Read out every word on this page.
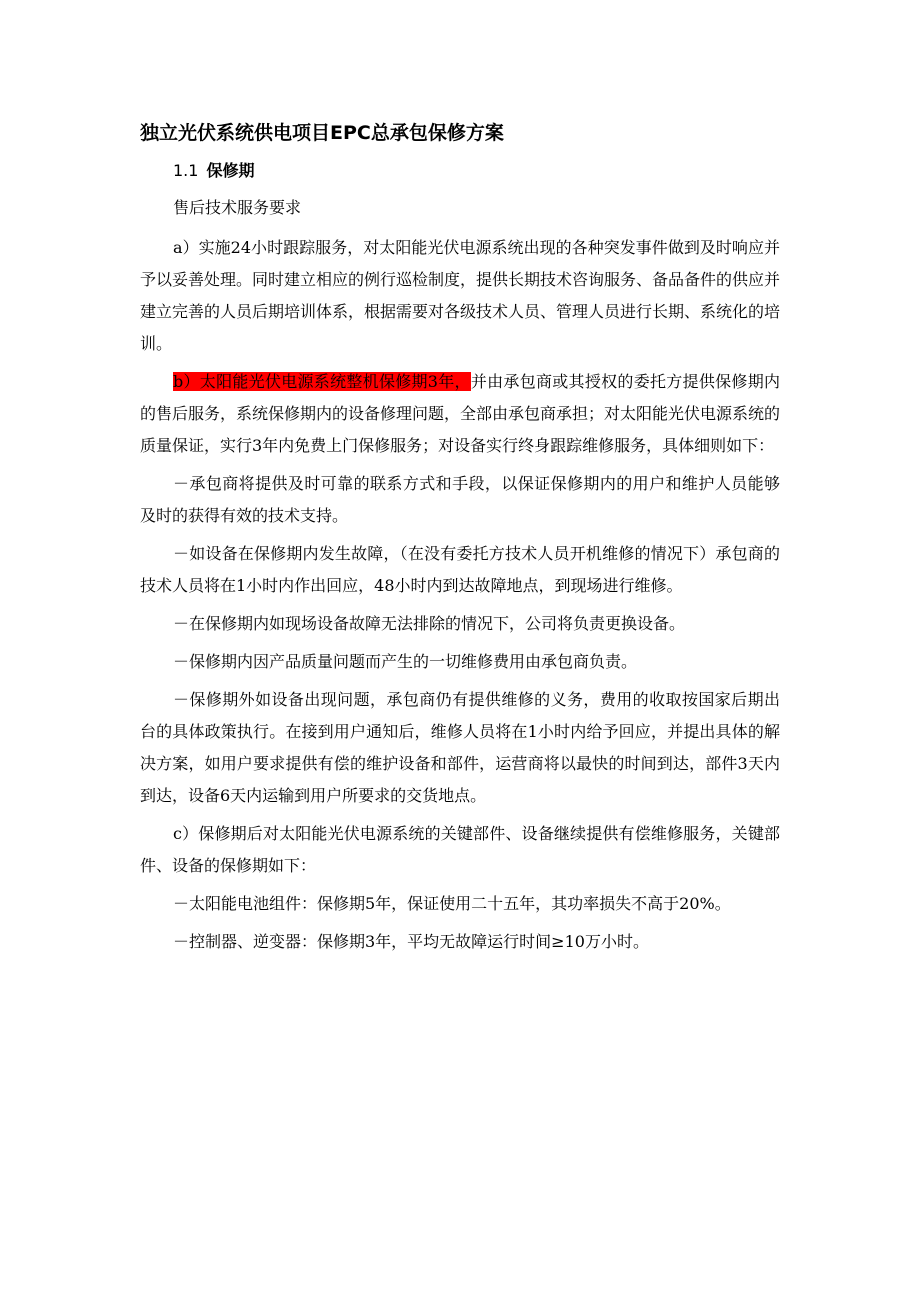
独立光伏系统供电项目EPC总承包保修方案
1.1 保修期

售后技术服务要求

a）实施24小时跟踪服务，对太阳能光伏电源系统出现的各种突发事件做到及时响应并予以妥善处理。同时建立相应的例行巡检制度，提供长期技术咨询服务、备品备件的供应并建立完善的人员后期培训体系，根据需要对各级技术人员、管理人员进行长期、系统化的培训。

b）太阳能光伏电源系统整机保修期3年，并由承包商或其授权的委托方提供保修期内的售后服务，系统保修期内的设备修理问题，全部由承包商承担；对太阳能光伏电源系统的质量保证，实行3年内免费上门保修服务；对设备实行终身跟踪维修服务，具体细则如下：

－承包商将提供及时可靠的联系方式和手段，以保证保修期内的用户和维护人员能够及时的获得有效的技术支持。

－如设备在保修期内发生故障，（在没有委托方技术人员开机维修的情况下）承包商的技术人员将在1小时内作出回应，48小时内到达故障地点，到现场进行维修。

－在保修期内如现场设备故障无法排除的情况下，公司将负责更换设备。

－保修期内因产品质量问题而产生的一切维修费用由承包商负责。

－保修期外如设备出现问题，承包商仍有提供维修的义务，费用的收取按国家后期出台的具体政策执行。在接到用户通知后，维修人员将在1小时内给予回应，并提出具体的解决方案，如用户要求提供有偿的维护设备和部件，运营商将以最快的时间到达，部件3天内到达，设备6天内运输到用户所要求的交货地点。

c）保修期后对太阳能光伏电源系统的关键部件、设备继续提供有偿维修服务，关键部件、设备的保修期如下：

－太阳能电池组件：保修期5年，保证使用二十五年，其功率损失不高于20%。

－控制器、逆变器：保修期3年，平均无故障运行时间≥10万小时。
